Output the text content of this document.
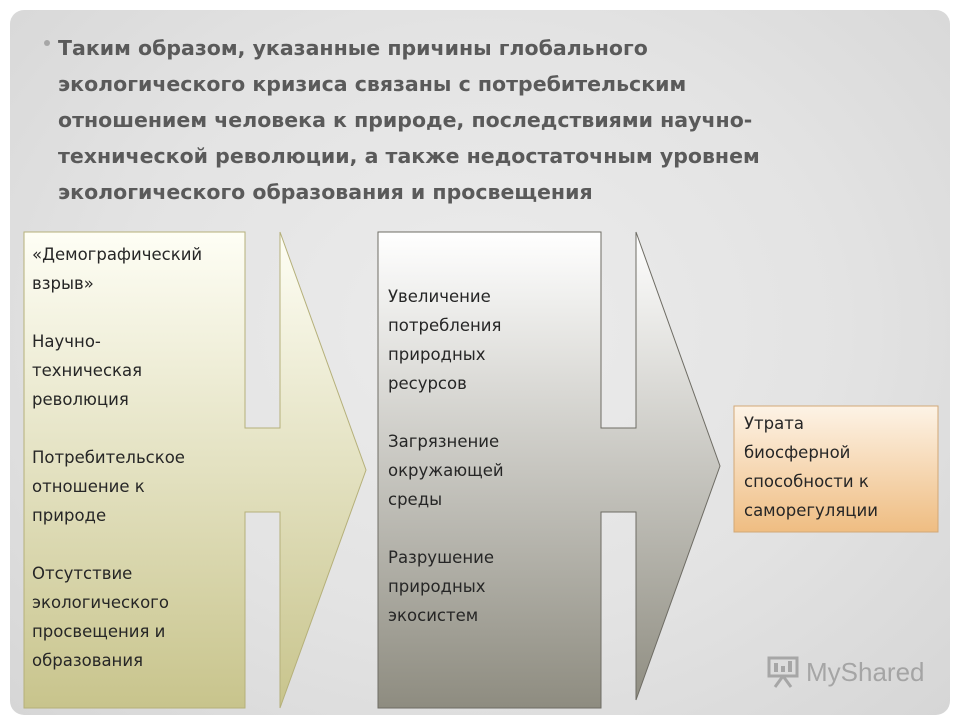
Таким образом, указанные причины глобального
экологического кризиса связаны с потребительским
отношением человека к природе, последствиями научно-
технической революции, а также недостаточным уровнем
экологического образования и просвещения

«Демографический
взрыв»

Научно-
техническая
революция

Потребительское
отношение к
природе

Отсутствие
экологического
просвещения и
образования

Увеличение
потребления
природных
ресурсов

Загрязнение
окружающей
среды

Разрушение
природных
экосистем

Утрата
биосферной
способности к
саморегуляции

MyShared
